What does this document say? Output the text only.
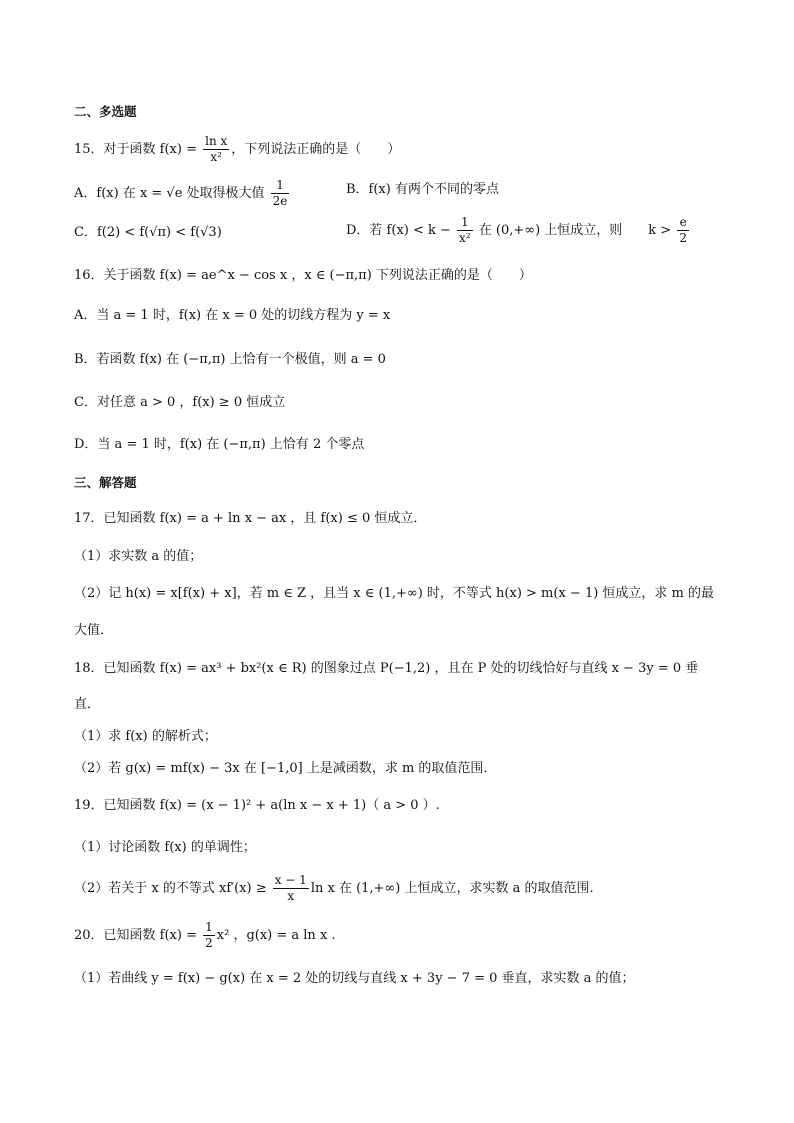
二、多选题
15．对于函数 $f(x) = \frac{\text{ln x}}{\text{x²}}$ ，下列说法正确的是（　　）
A．f(x) 在 x = √e 处取得极大值 $\frac{1}{2e}$	B．f(x) 有两个不同的零点
C．f(2) < f(√π) < f(√3)	D．若 $f(x) < k - \frac{1}{\text{x²}}$ 在 (0,+∞) 上恒成立，则　　$k > \frac{e}{2}$
16．关于函数 f(x) = ae^x − cos x ，x ∈ (−π,π) 下列说法正确的是（　　）
A．当 a = 1 时，f(x) 在 x = 0 处的切线方程为 y = x
B．若函数 f(x) 在 (−π,π) 上恰有一个极值，则 a = 0
C．对任意 a > 0 ，f(x) ≥ 0 恒成立
D．当 a = 1 时，f(x) 在 (−π,π) 上恰有 2 个零点
三、解答题
17．已知函数 f(x) = a + ln x − ax ，且 f(x) ≤ 0 恒成立．
（1）求实数 a 的值；
（2）记 h(x) = x[f(x) + x]，若 m ∈ Z ，且当 x ∈ (1,+∞) 时，不等式 h(x) > m(x − 1) 恒成立，求 m 的最
大值．
18．已知函数 f(x) = ax³ + bx²(x ∈ R) 的图象过点 P(−1,2) ，且在 P 处的切线恰好与直线 x − 3y = 0 垂
直．
（1）求 f(x) 的解析式；
（2）若 g(x) = mf(x) − 3x 在 [−1,0] 上是减函数，求 m 的取值范围．
19．已知函数 f(x) = (x − 1)² + a(ln x − x + 1)（ a > 0 ）.
（1）讨论函数 f(x) 的单调性；
（2）若关于 x 的不等式 $xf'(x) \ge \frac{x - 1}{x}$ ln x 在 (1,+∞) 上恒成立，求实数 a 的取值范围.
20．已知函数 $f(x) = \frac{1}{2} x^2$ ，g(x) = a ln x .
（1）若曲线 y = f(x) − g(x) 在 x = 2 处的切线与直线 x + 3y − 7 = 0 垂直，求实数 a 的值；
